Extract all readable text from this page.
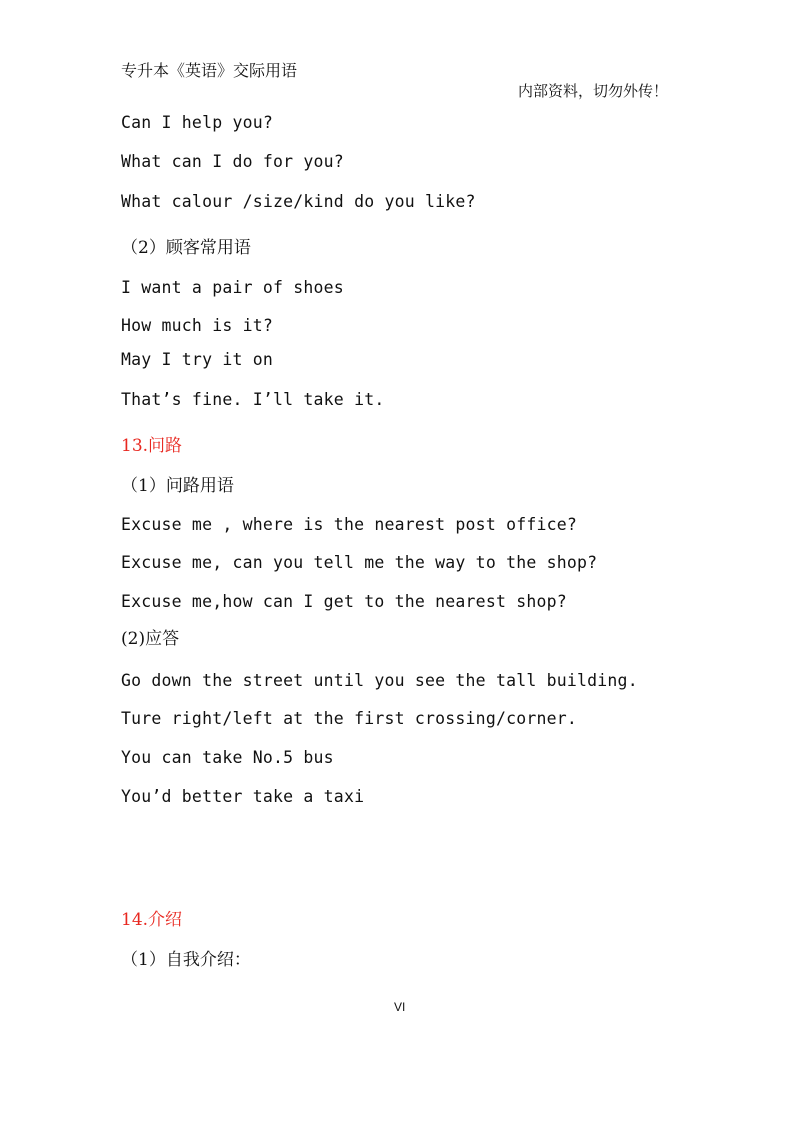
专升本《英语》交际用语
内部资料，切勿外传！
Can I help you?
What can I do for you?
What calour /size/kind do you like?
（2）顾客常用语
I want a pair of shoes
How much is it?
May I try it on
That’s fine. I’ll take it.
13.问路
（1）问路用语
Excuse me , where is the nearest post office?
Excuse me, can you tell me the way to the shop?
Excuse me,how can I get to the nearest shop?
(2)应答
Go down the street until you see the tall building.
Ture right/left at the first crossing/corner.
You can take No.5 bus
You’d better take a taxi
14.介绍
（1）自我介绍：
VI
